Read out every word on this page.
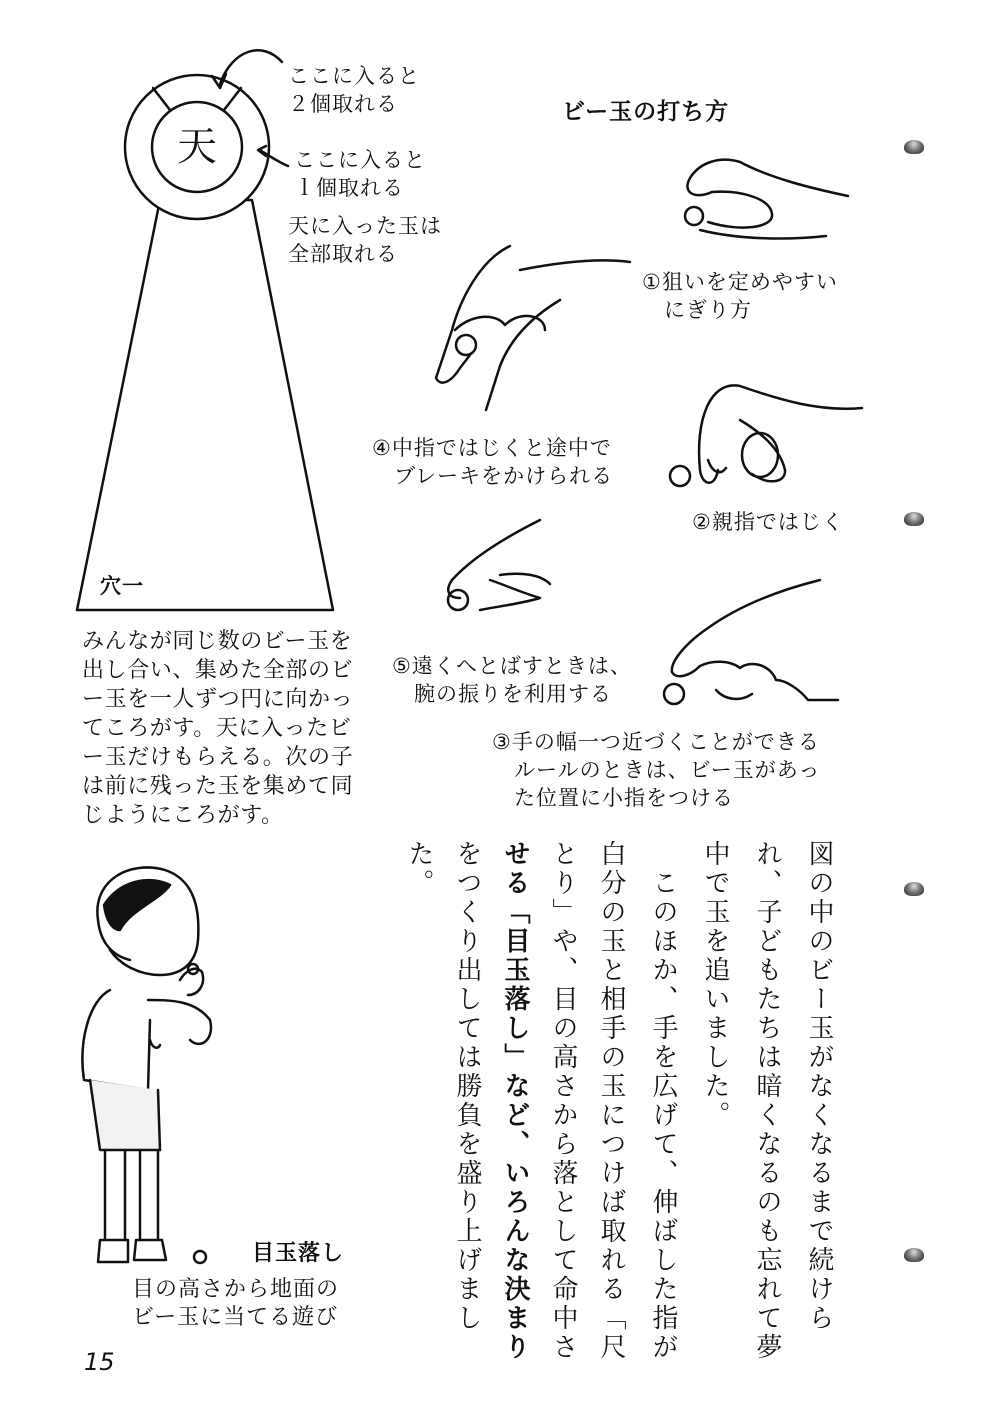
ここに入ると
２個取れる
天	ここに入ると
ｌ個取れる
天に入った玉は
全部取れる
穴一
みんなが同じ数のビー玉を
出し合い、集めた全部のビ
ー玉を一人ずつ円に向かっ
てころがす。天に入ったビ
ー玉だけもらえる。次の子
は前に残った玉を集めて同
じようにころがす。
ビー玉の打ち方
①狙いを定めやすい
　にぎり方
④中指ではじくと途中で
　ブレーキをかけられる
②親指ではじく
⑤遠くへとばすときは、
　腕の振りを利用する
③手の幅一つ近づくことができる
　ルールのときは、ビー玉があっ
　た位置に小指をつける
目玉落し
目の高さから地面の
ビー玉に当てる遊び	図の中のビー玉がなくなるまで続けら
れ、子どもたちは暗くなるのも忘れて夢
中で玉を追いました。
　このほか、手を広げて、伸ばした指が
白分の玉と相手の玉につけば取れる「尺
とり」や、目の高さから落として命中さ
せる「目玉落し」など、いろんな決まり
をつくり出しては勝負を盛り上げまし
た。
15
